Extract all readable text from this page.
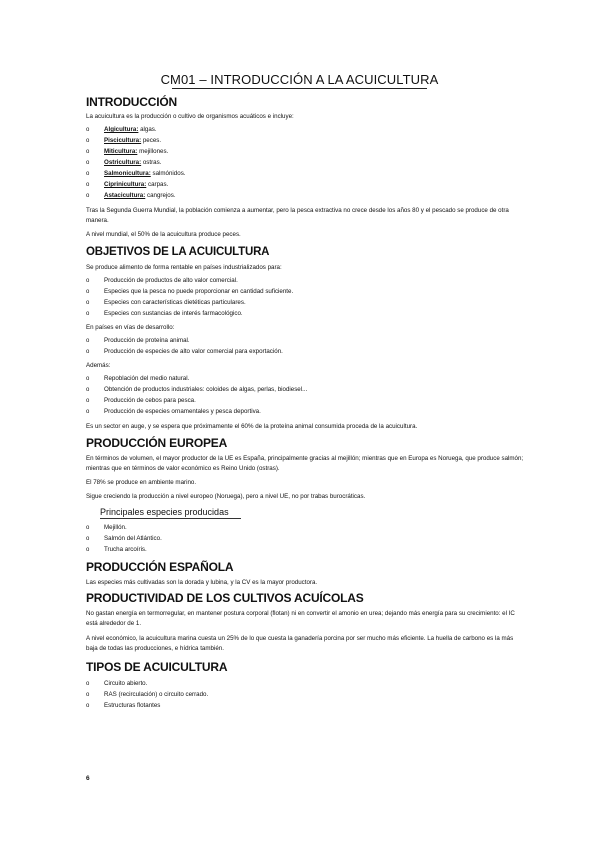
CM01 – INTRODUCCIÓN A LA ACUICULTURA
INTRODUCCIÓN
La acuicultura es la producción o cultivo de organismos acuáticos e incluye:
o Algicultura: algas.
o Piscicultura: peces.
o Miticultura: mejillones.
o Ostricultura: ostras.
o Salmonicultura: salmónidos.
o Ciprinicultura: carpas.
o Astacicultura: cangrejos.
Tras la Segunda Guerra Mundial, la población comienza a aumentar, pero la pesca extractiva no crece desde los años 80 y el pescado se produce de otra manera.
A nivel mundial, el 50% de la acuicultura produce peces.
OBJETIVOS DE LA ACUICULTURA
Se produce alimento de forma rentable en países industrializados para:
o Producción de productos de alto valor comercial.
o Especies que la pesca no puede proporcionar en cantidad suficiente.
o Especies con características dietéticas particulares.
o Especies con sustancias de interés farmacológico.
En países en vías de desarrollo:
o Producción de proteína animal.
o Producción de especies de alto valor comercial para exportación.
Además:
o Repoblación del medio natural.
o Obtención de productos industriales: coloides de algas, perlas, biodiesel...
o Producción de cebos para pesca.
o Producción de especies ornamentales y pesca deportiva.
Es un sector en auge, y se espera que próximamente el 60% de la proteína animal consumida proceda de la acuicultura.
PRODUCCIÓN EUROPEA
En términos de volumen, el mayor productor de la UE es España, principalmente gracias al mejillón; mientras que en Europa es Noruega, que produce salmón; mientras que en términos de valor económico es Reino Unido (ostras).
El 78% se produce en ambiente marino.
Sigue creciendo la producción a nivel europeo (Noruega), pero a nivel UE, no por trabas burocráticas.
Principales especies producidas
o Mejillón.
o Salmón del Atlántico.
o Trucha arcoíris.
PRODUCCIÓN ESPAÑOLA
Las especies más cultivadas son la dorada y lubina, y la CV es la mayor productora.
PRODUCTIVIDAD DE LOS CULTIVOS ACUÍCOLAS
No gastan energía en termorregular, en mantener postura corporal (flotan) ni en convertir el amonio en urea; dejando más energía para su crecimiento: el IC está alrededor de 1.
A nivel económico, la acuicultura marina cuesta un 25% de lo que cuesta la ganadería porcina por ser mucho más eficiente. La huella de carbono es la más baja de todas las producciones, e hídrica también.
TIPOS DE ACUICULTURA
o Circuito abierto.
o RAS (recirculación) o circuito cerrado.
o Estructuras flotantes
6
